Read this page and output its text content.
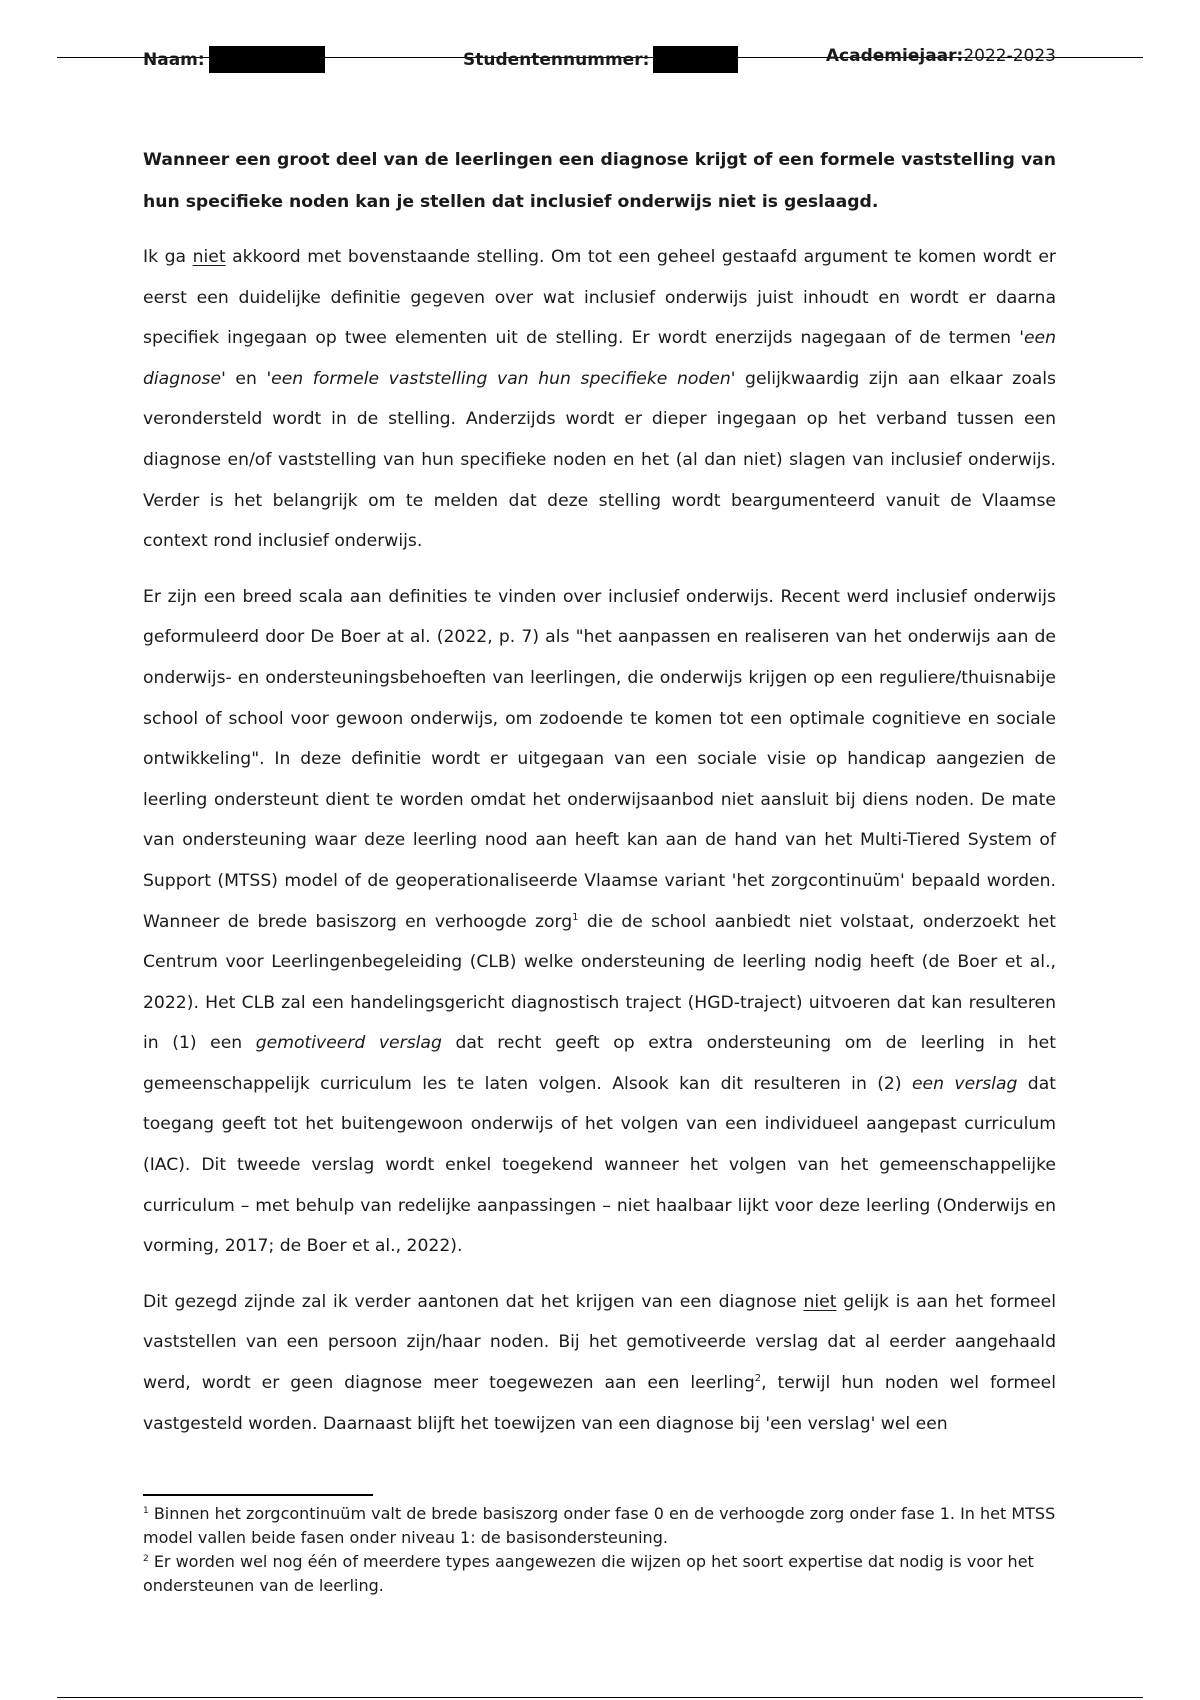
Naam:	Studentennummer:	Academiejaar: 2022-2023

Wanneer een groot deel van de leerlingen een diagnose krijgt of een formele vaststelling van hun specifieke noden kan je stellen dat inclusief onderwijs niet is geslaagd.

Ik ga niet akkoord met bovenstaande stelling. Om tot een geheel gestaafd argument te komen wordt er eerst een duidelijke definitie gegeven over wat inclusief onderwijs juist inhoudt en wordt er daarna specifiek ingegaan op twee elementen uit de stelling. Er wordt enerzijds nagegaan of de termen 'een diagnose' en 'een formele vaststelling van hun specifieke noden' gelijkwaardig zijn aan elkaar zoals verondersteld wordt in de stelling. Anderzijds wordt er dieper ingegaan op het verband tussen een diagnose en/of vaststelling van hun specifieke noden en het (al dan niet) slagen van inclusief onderwijs. Verder is het belangrijk om te melden dat deze stelling wordt beargumenteerd vanuit de Vlaamse context rond inclusief onderwijs.

Er zijn een breed scala aan definities te vinden over inclusief onderwijs. Recent werd inclusief onderwijs geformuleerd door De Boer at al. (2022, p. 7) als "het aanpassen en realiseren van het onderwijs aan de onderwijs- en ondersteuningsbehoeften van leerlingen, die onderwijs krijgen op een reguliere/thuisnabije school of school voor gewoon onderwijs, om zodoende te komen tot een optimale cognitieve en sociale ontwikkeling". In deze definitie wordt er uitgegaan van een sociale visie op handicap aangezien de leerling ondersteunt dient te worden omdat het onderwijsaanbod niet aansluit bij diens noden. De mate van ondersteuning waar deze leerling nood aan heeft kan aan de hand van het Multi-Tiered System of Support (MTSS) model of de geoperationaliseerde Vlaamse variant 'het zorgcontinuüm' bepaald worden. Wanneer de brede basiszorg en verhoogde zorg$^1$ die de school aanbiedt niet volstaat, onderzoekt het Centrum voor Leerlingenbegeleiding (CLB) welke ondersteuning de leerling nodig heeft (de Boer et al., 2022). Het CLB zal een handelingsgericht diagnostisch traject (HGD-traject) uitvoeren dat kan resulteren in (1) een gemotiveerd verslag dat recht geeft op extra ondersteuning om de leerling in het gemeenschappelijk curriculum les te laten volgen. Alsook kan dit resulteren in (2) een verslag dat toegang geeft tot het buitengewoon onderwijs of het volgen van een individueel aangepast curriculum (IAC). Dit tweede verslag wordt enkel toegekend wanneer het volgen van het gemeenschappelijke curriculum – met behulp van redelijke aanpassingen – niet haalbaar lijkt voor deze leerling (Onderwijs en vorming, 2017; de Boer et al., 2022).

Dit gezegd zijnde zal ik verder aantonen dat het krijgen van een diagnose niet gelijk is aan het formeel vaststellen van een persoon zijn/haar noden. Bij het gemotiveerde verslag dat al eerder aangehaald werd, wordt er geen diagnose meer toegewezen aan een leerling$^2$, terwijl hun noden wel formeel vastgesteld worden. Daarnaast blijft het toewijzen van een diagnose bij 'een verslag' wel een

$^1$ Binnen het zorgcontinuüm valt de brede basiszorg onder fase 0 en de verhoogde zorg onder fase 1. In het MTSS model vallen beide fasen onder niveau 1: de basisondersteuning.

$^2$ Er worden wel nog één of meerdere types aangewezen die wijzen op het soort expertise dat nodig is voor het ondersteunen van de leerling.
